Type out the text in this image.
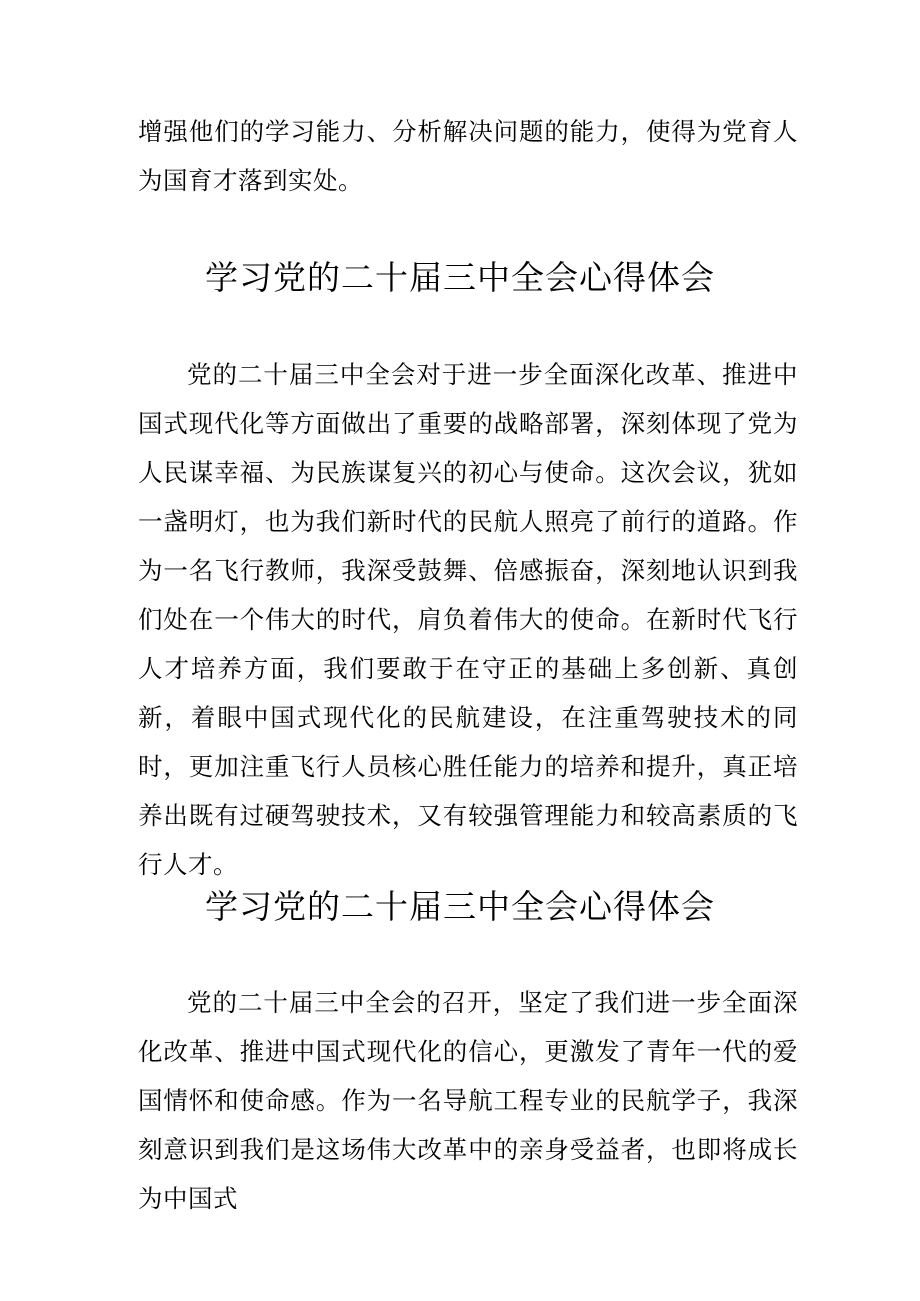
增强他们的学习能力、分析解决问题的能力，使得为党育人为国育才落到实处。

学习党的二十届三中全会心得体会

党的二十届三中全会对于进一步全面深化改革、推进中国式现代化等方面做出了重要的战略部署，深刻体现了党为人民谋幸福、为民族谋复兴的初心与使命。这次会议，犹如一盏明灯，也为我们新时代的民航人照亮了前行的道路。作为一名飞行教师，我深受鼓舞、倍感振奋，深刻地认识到我们处在一个伟大的时代，肩负着伟大的使命。在新时代飞行人才培养方面，我们要敢于在守正的基础上多创新、真创新，着眼中国式现代化的民航建设，在注重驾驶技术的同时，更加注重飞行人员核心胜任能力的培养和提升，真正培养出既有过硬驾驶技术，又有较强管理能力和较高素质的飞行人才。

学习党的二十届三中全会心得体会

党的二十届三中全会的召开，坚定了我们进一步全面深化改革、推进中国式现代化的信心，更激发了青年一代的爱国情怀和使命感。作为一名导航工程专业的民航学子，我深刻意识到我们是这场伟大改革中的亲身受益者，也即将成长为中国式
